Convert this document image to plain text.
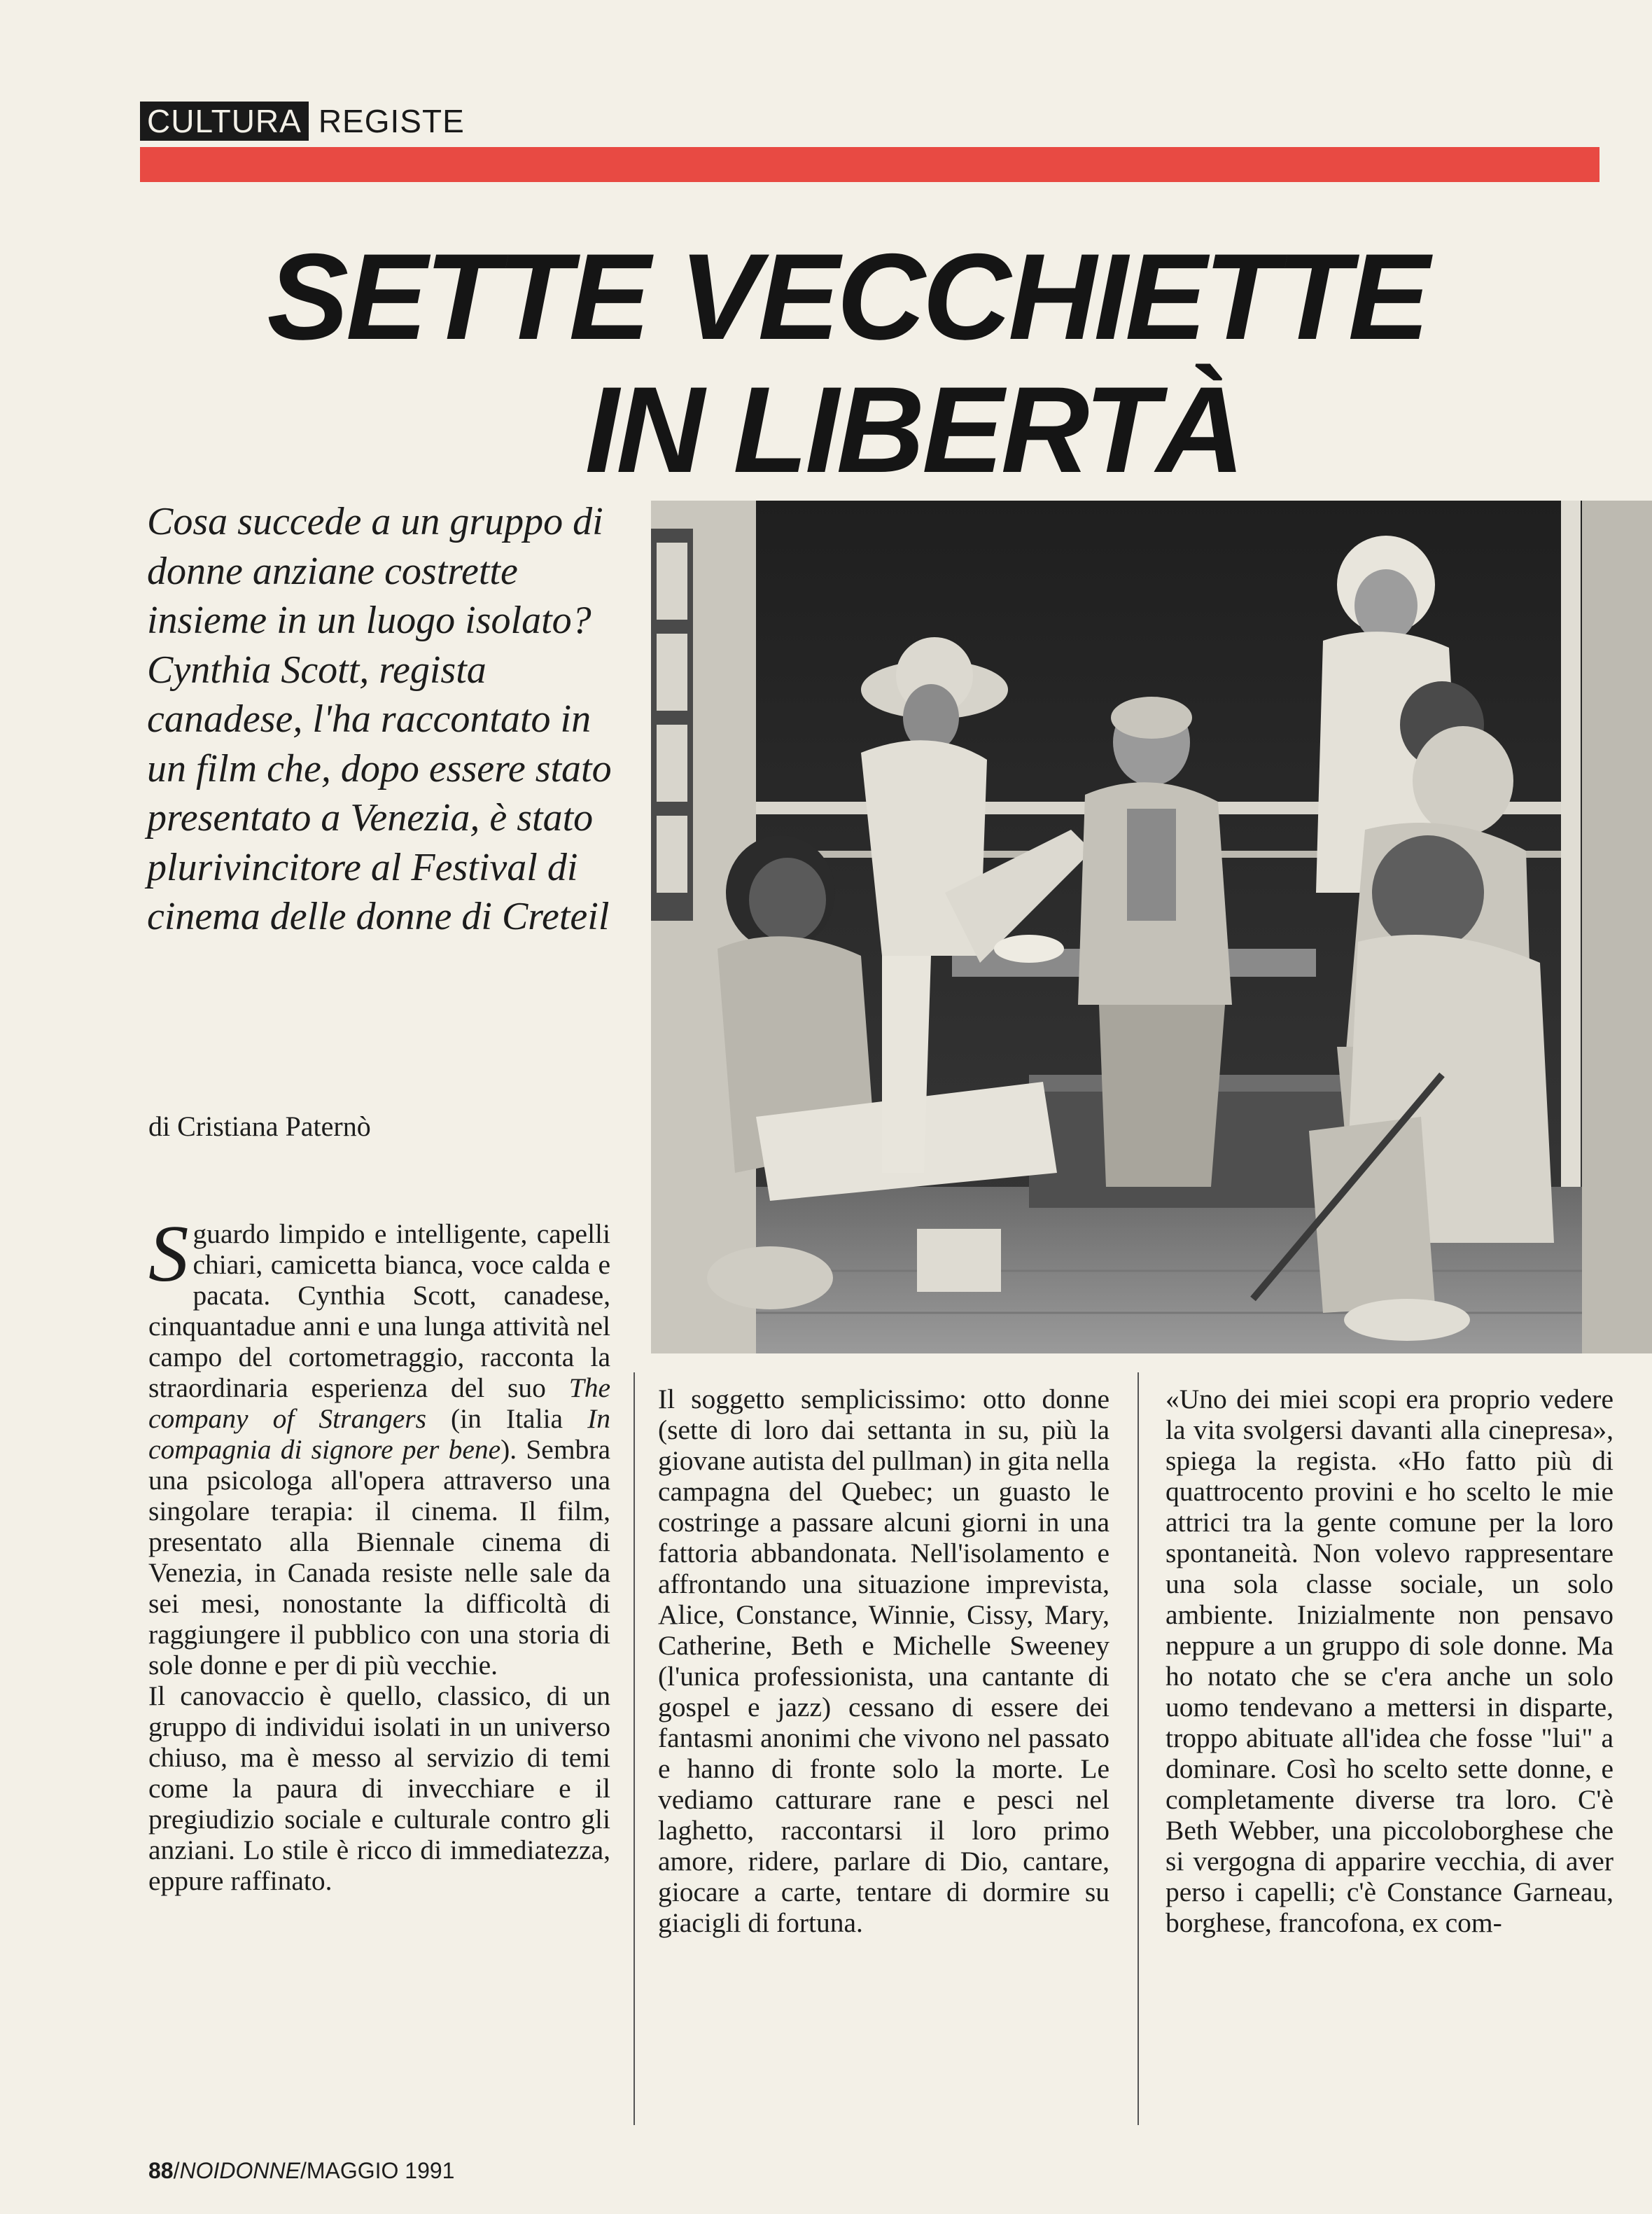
CULTURA REGISTE
SETTE VECCHIETTE
IN LIBERTÀ

Cosa succede a un gruppo di donne anziane costrette insieme in un luogo isolato? Cynthia Scott, regista canadese, l'ha raccontato in un film che, dopo essere stato presentato a Venezia, è stato plurivincitore al Festival di cinema delle donne di Creteil

di Cristiana Paternò

Sguardo limpido e intelligente, capelli chiari, camicetta bianca, voce calda e pacata. Cynthia Scott, canadese, cinquantadue anni e una lunga attività nel campo del cortometraggio, racconta la straordinaria esperienza del suo The company of Strangers (in Italia In compagnia di signore per bene). Sembra una psicologa all'opera attraverso una singolare terapia: il cinema. Il film, presentato alla Biennale cinema di Venezia, in Canada resiste nelle sale da sei mesi, nonostante la difficoltà di raggiungere il pubblico con una storia di sole donne e per di più vecchie.

Il canovaccio è quello, classico, di un gruppo di individui isolati in un universo chiuso, ma è messo al servizio di temi come la paura di invecchiare e il pregiudizio sociale e culturale contro gli anziani. Lo stile è ricco di immediatezza, eppure raffinato.

Il soggetto semplicissimo: otto donne (sette di loro dai settanta in su, più la giovane autista del pullman) in gita nella campagna del Quebec; un guasto le costringe a passare alcuni giorni in una fattoria abbandonata. Nell'isolamento e affrontando una situazione imprevista, Alice, Constance, Winnie, Cissy, Mary, Catherine, Beth e Michelle Sweeney (l'unica professionista, una cantante di gospel e jazz) cessano di essere dei fantasmi anonimi che vivono nel passato e hanno di fronte solo la morte. Le vediamo catturare rane e pesci nel laghetto, raccontarsi il loro primo amore, ridere, parlare di Dio, cantare, giocare a carte, tentare di dormire su giacigli di fortuna.

«Uno dei miei scopi era proprio vedere la vita svolgersi davanti alla cinepresa», spiega la regista. «Ho fatto più di quattrocento provini e ho scelto le mie attrici tra la gente comune per la loro spontaneità. Non volevo rappresentare una sola classe sociale, un solo ambiente. Inizialmente non pensavo neppure a un gruppo di sole donne. Ma ho notato che se c'era anche un solo uomo tendevano a mettersi in disparte, troppo abituate all'idea che fosse "lui" a dominare. Così ho scelto sette donne, e completamente diverse tra loro. C'è Beth Webber, una piccoloborghese che si vergogna di apparire vecchia, di aver perso i capelli; c'è Constance Garneau, borghese, francofona, ex com-

88/NOIDONNE/MAGGIO 1991
